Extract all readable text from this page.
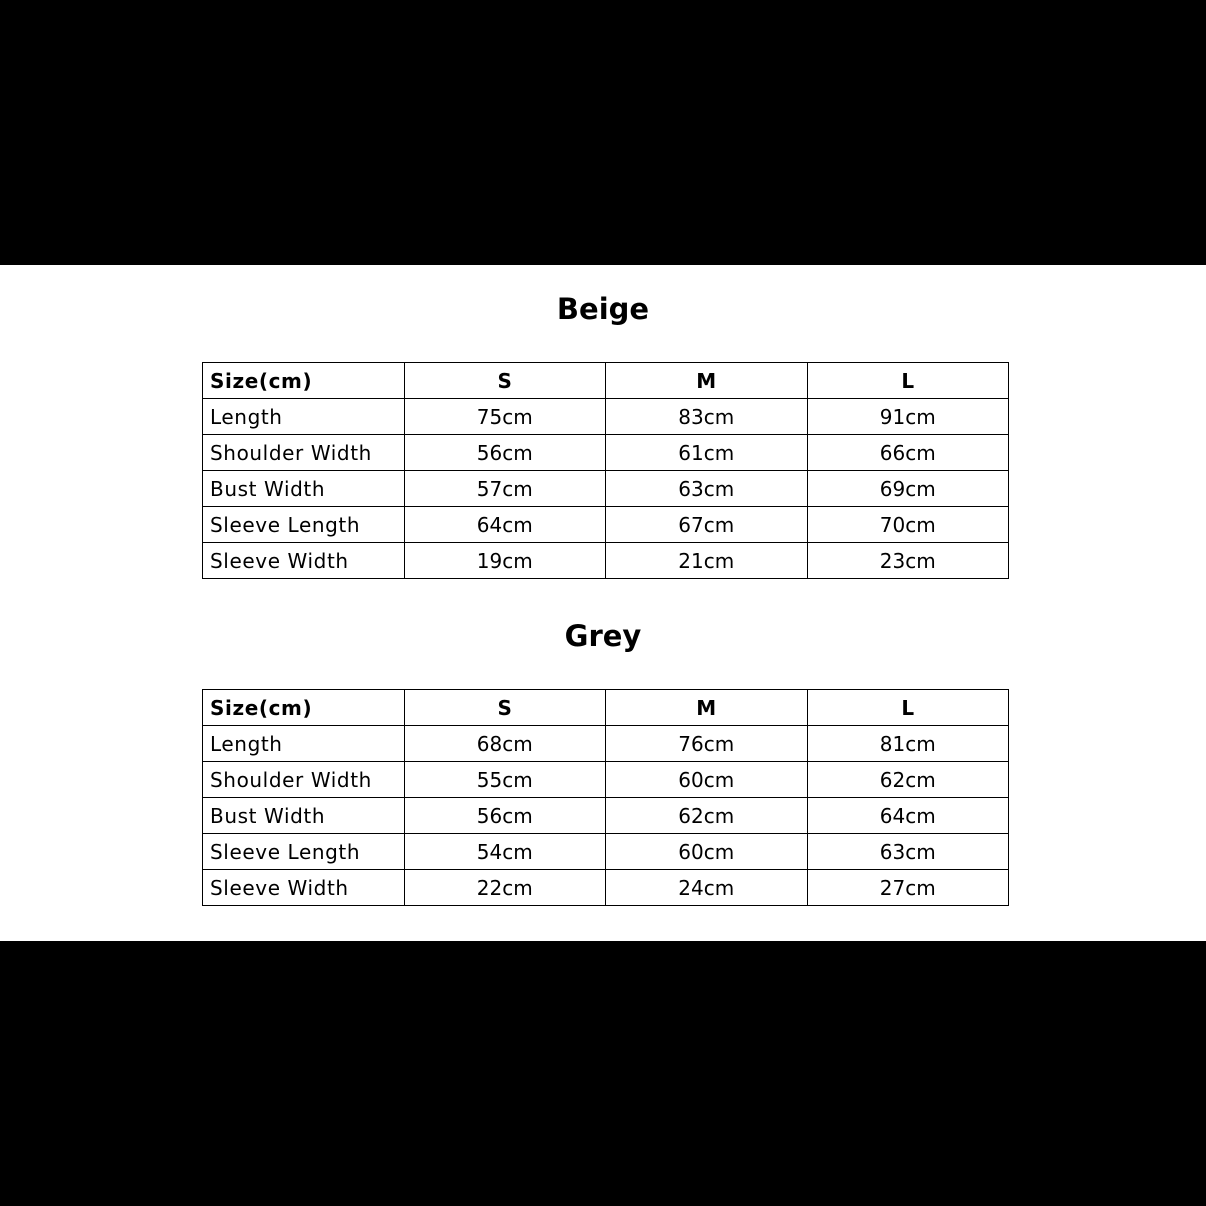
Beige
Size(cm)	S	M	L
Length	75cm	83cm	91cm
Shoulder Width	56cm	61cm	66cm
Bust Width	57cm	63cm	69cm
Sleeve Length	64cm	67cm	70cm
Sleeve Width	19cm	21cm	23cm
Grey
Size(cm)	S	M	L
Length	68cm	76cm	81cm
Shoulder Width	55cm	60cm	62cm
Bust Width	56cm	62cm	64cm
Sleeve Length	54cm	60cm	63cm
Sleeve Width	22cm	24cm	27cm
